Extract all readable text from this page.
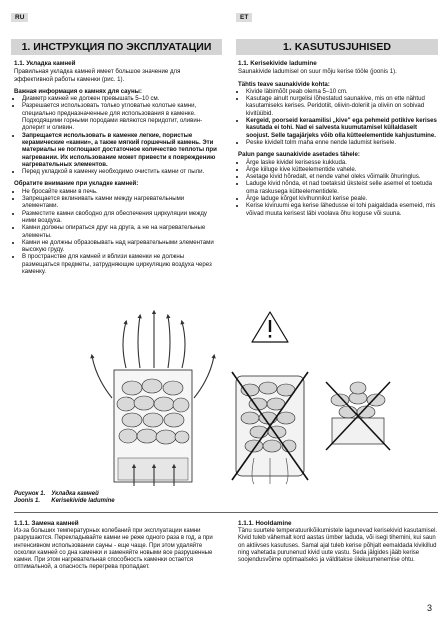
RU	ET
1. ИНСТРУКЦИЯ ПО ЭКСПЛУАТАЦИИ	1. KASUTUSJUHISED
1.1. Укладка камней

Правильная укладка камней имеет большое значение для эффективной работы каменки (рис. 1).

Важная информация о камнях для сауны:
• Диаметр камней не должен превышать 5–10 см.
• Разрешается использовать только угловатые колотые камни, специально предназначенные для использования в каменке. Подходящими горными породами являются перидотит, оливин-долерит и оливин.
• Запрещается использовать в каменке легкие, пористые керамические «камни», а также мягкий горшечный камень. Эти материалы не поглощают достаточное количество теплоты при нагревании. Их использование может привести к повреждению нагревательных элементов.
• Перед укладкой в каменку необходимо очистить камни от пыли.
Обратите внимание при укладке камней:
• Не бросайте камни в печь.
• Запрещается вклинивать камни между нагревательными элементами.
• Разместите камни свободно для обеспечения циркуляции между ними воздуха.
• Камни должны опираться друг на друга, а не на нагревательные элементы.
• Камни не должны образовывать над нагревательными элементами высокую груду.
• В пространстве для камней и вблизи каменки не должны размещаться предметы, затрудняющие циркуляцию воздуха через каменку.
1.1. Kerisekivide ladumine

Saunakivide ladumisel on suur mõju kerise tööle (joonis 1).

Tähtis teave saunakivide kohta:
• Kivide läbimõõt peab olema 5–10 cm.
• Kasutage ainult nurgelisi lõhestatud saunakive, mis on ette nähtud kasutamiseks kerises. Peridotiit, oliivin-doleriit ja oliviin on sobivad kivitüübid.
• Kergeid, poorseid keraamilisi „kive" ega pehmeid potikive kerises kasutada ei tohi. Nad ei salvesta kuumutamisel küllaldaselt soojust. Selle tagajärjeks võib olla kütteelementide kahjustumine.
• Peske kividelt tolm maha enne nende ladumist kerisele.
Palun pange saunakivide asetades tähele:
• Ärge laske kividel kerisesse kukkuda.
• Ärge kiiluge kive kütteelementide vahele.
• Asetage kivid hõredalt, et nende vahel oleks võimalik õhuringlus.
• Laduge kivid nõnda, et nad toetaksid üksteist selle asemel et toetuda oma raskusega kütteelementidele.
• Ärge laduge kõrget kivihunnikut kerise peale.
• Kerise kiviruumi ega kerise lähedusse ei tohi paigaldada esemeid, mis võivad muuta kerisest läbi voolava õhu koguse või suuna.
Рисунок 1.	Укладка камней
Joonis 1.	Kerisekivide ladumine
1.1.1. Замена камней

Из-за больших температурных колебаний при эксплуатации камни разрушаются. Перекладывайте камни не реже одного раза в год, а при интенсивном использовании сауны - еще чаще. При этом удаляйте осколки камней со дна каменки и заменяйте новыми все разрушенные камни. При этом нагревательная способность каменки остается оптимальной, а опасность перегрева пропадает.

1.1.1. Hooldamine

Tänu suurtele temperatuurikõikumistele lagunevad kerisekivid kasutamisel. Kivid tuleb vähemalt kord aastas ümber laduda, või isegi tihemini, kui saun on aktiivses kasutuses. Samal ajal tuleb kerise põhjalt eemaldada kivikillud ning vahetada purunenud kivid uute vastu. Seda jälgides jääb kerise soojendusvõime optimaalseks ja välditakse ülekuumenemise ohtu.

3
